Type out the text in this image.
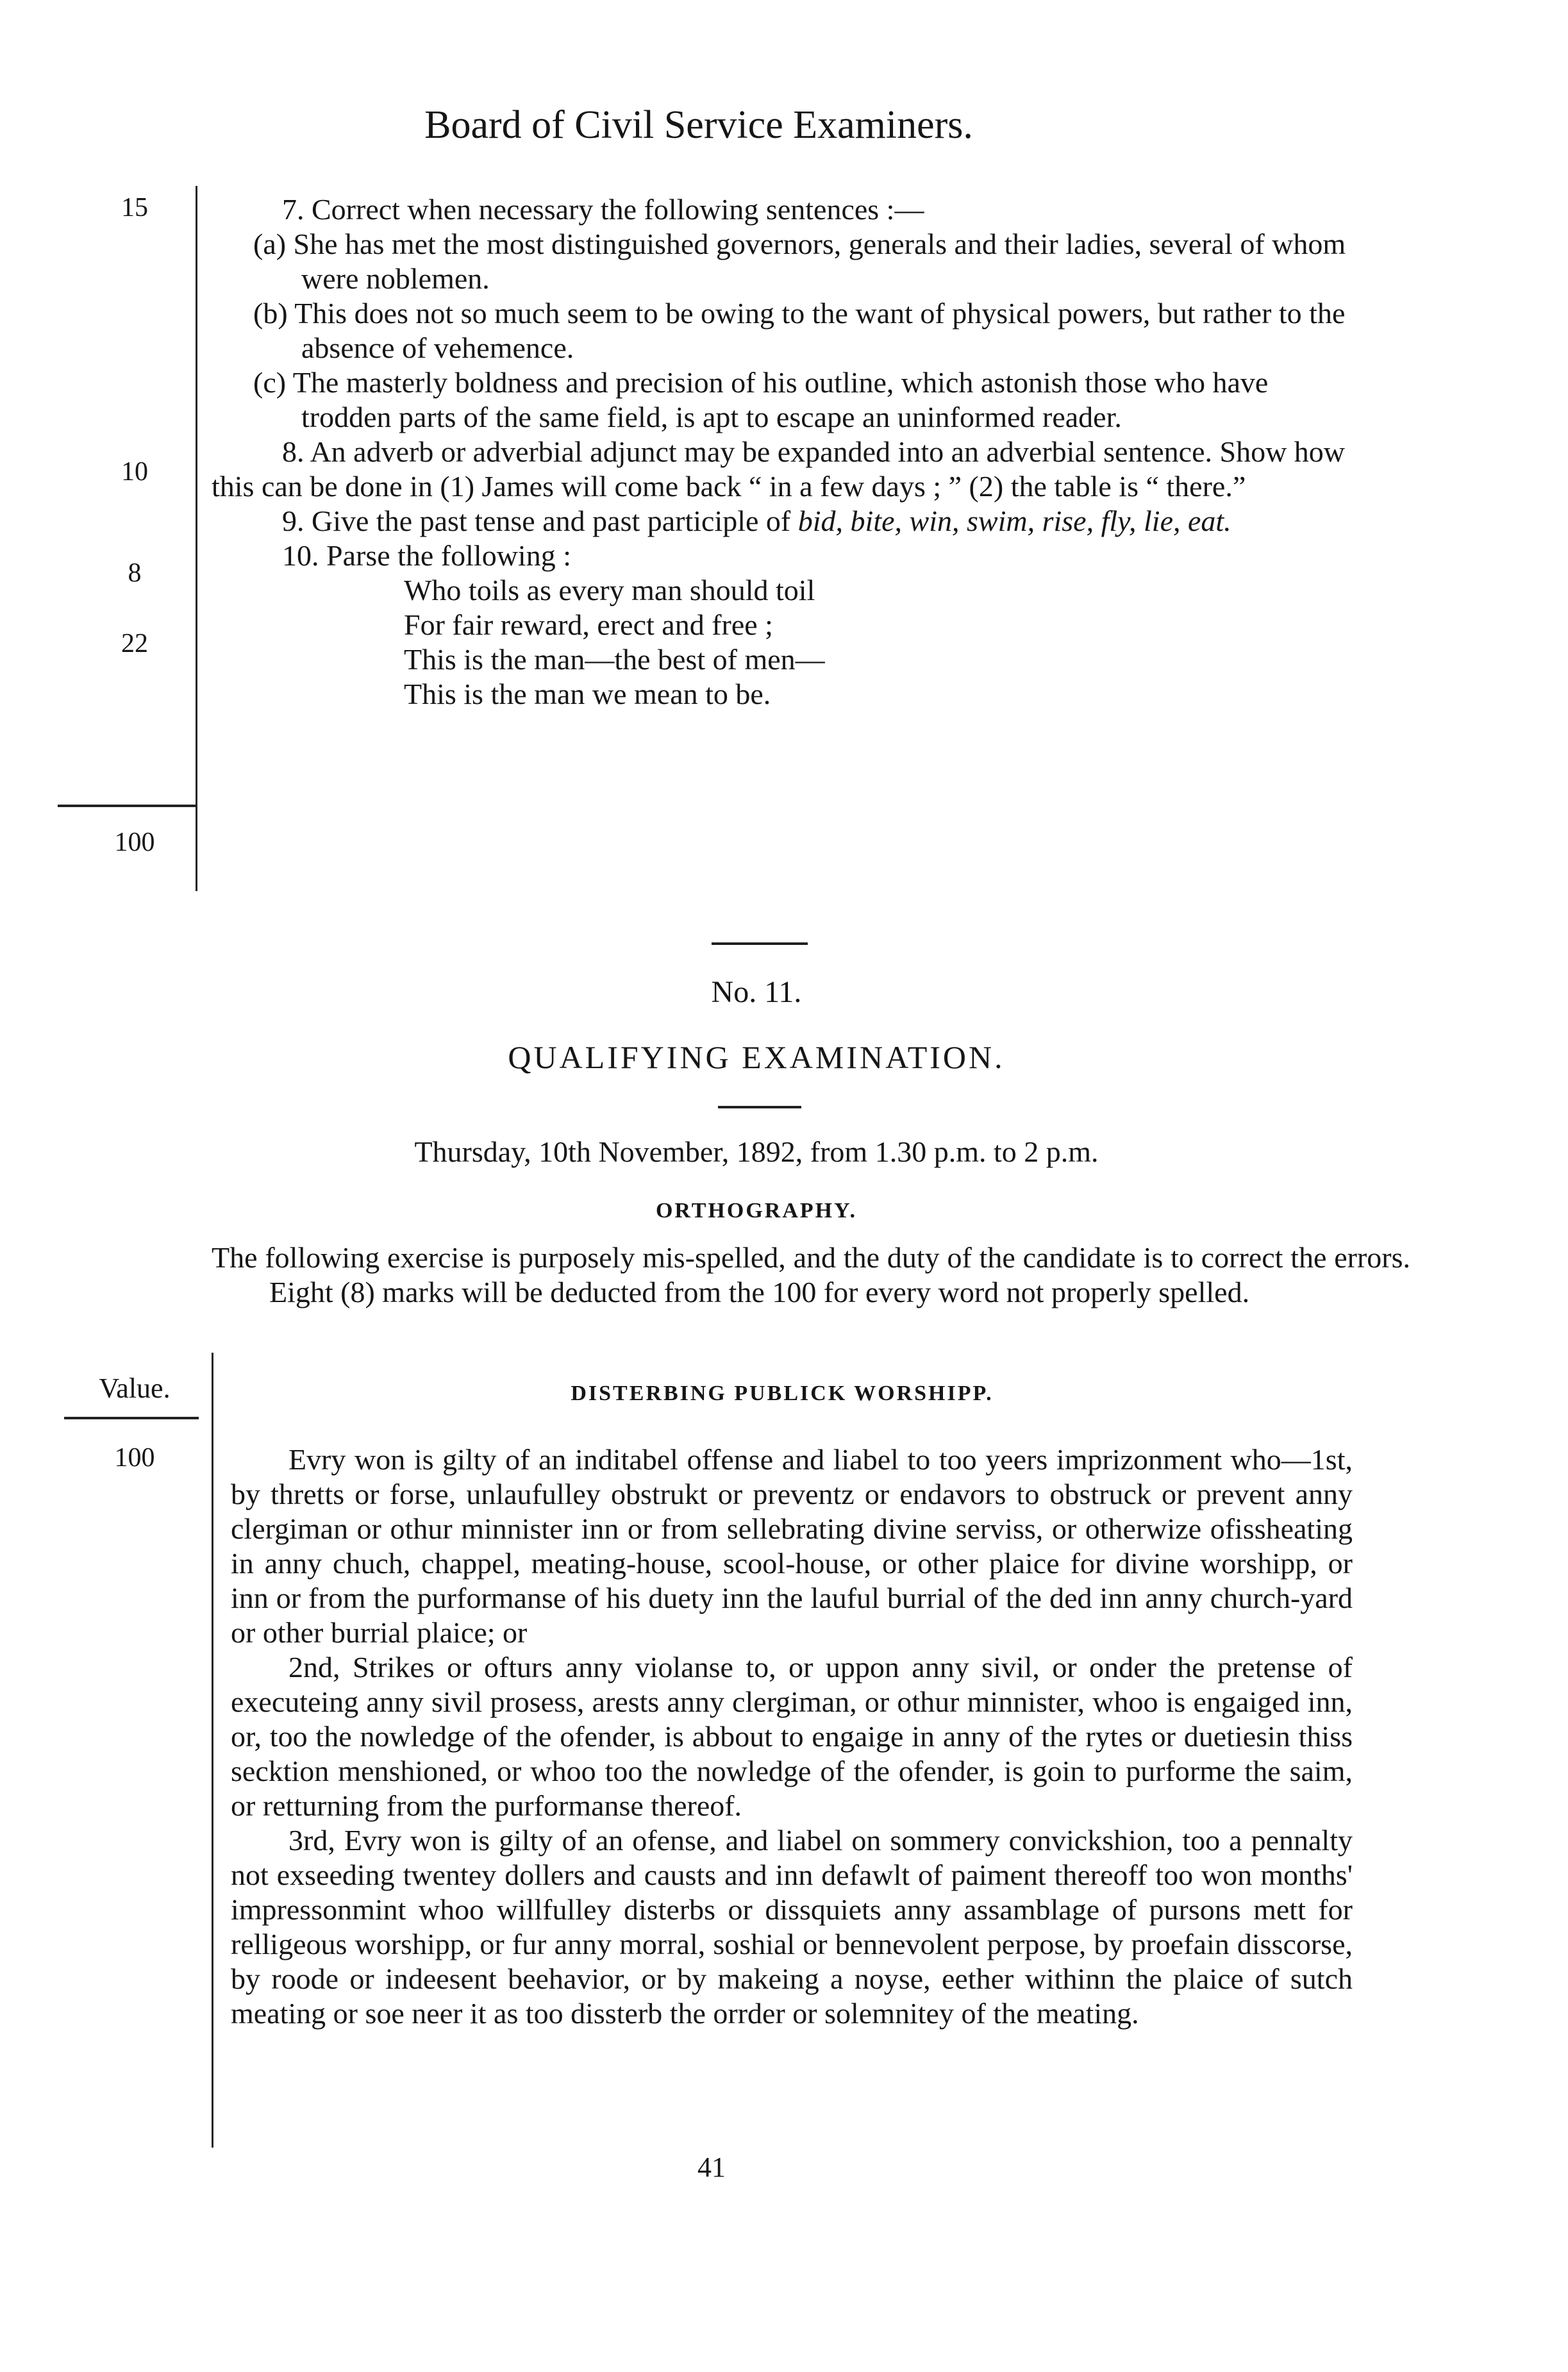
Board of Civil Service Examiners.
15
10
8
22
100

7. Correct when necessary the following sentences :—

(a) She has met the most distinguished governors, generals and their ladies, several of whom were noblemen.

(b) This does not so much seem to be owing to the want of physical powers, but rather to the absence of vehemence.

(c) The masterly boldness and precision of his outline, which astonish those who have trodden parts of the same field, is apt to escape an uninformed reader.

8. An adverb or adverbial adjunct may be expanded into an adverbial sentence. Show how this can be done in (1) James will come back “ in a few days ; ” (2) the table is “ there.”

9. Give the past tense and past participle of bid, bite, win, swim, rise, fly, lie, eat.

10. Parse the following :

Who toils as every man should toil

For fair reward, erect and free ;

This is the man—the best of men—

This is the man we mean to be.

No. 11.
QUALIFYING EXAMINATION.
Thursday, 10th November, 1892, from 1.30 p.m. to 2 p.m.
ORTHOGRAPHY.
The following exercise is purposely mis-spelled, and the duty of the candidate is to correct the errors. Eight (8) marks will be deducted from the 100 for every word not properly spelled.
Value.
100
DISTERBING PUBLICK WORSHIPP.

Evry won is gilty of an inditabel offense and liabel to too yeers imprizonment who—1st, by thretts or forse, unlaufulley obstrukt or preventz or endavors to obstruck or prevent anny clergiman or othur minnister inn or from sellebrating divine serviss, or otherwize ofissheating in anny chuch, chappel, meating-house, scool-house, or other plaice for divine worshipp, or inn or from the purformanse of his duety inn the lauful burrial of the ded inn anny church-yard or other burrial plaice; or

2nd, Strikes or ofturs anny violanse to, or uppon anny sivil, or onder the pretense of executeing anny sivil prosess, arests anny clergiman, or othur minnister, whoo is engaiged inn, or, too the nowledge of the ofender, is abbout to engaige in anny of the rytes or duetiesin thiss secktion menshioned, or whoo too the nowledge of the ofender, is goin to purforme the saim, or retturning from the purformanse thereof.

3rd, Evry won is gilty of an ofense, and liabel on sommery convickshion, too a pennalty not exseeding twentey dollers and causts and inn defawlt of paiment thereoff too won months' impressonmint whoo willfulley disterbs or dissquiets anny assamblage of pursons mett for relligeous worshipp, or fur anny morral, soshial or bennevolent perpose, by proefain disscorse, by roode or indeesent beehavior, or by makeing a noyse, eether withinn the plaice of sutch meating or soe neer it as too dissterb the orrder or solemnitey of the meating.

41
